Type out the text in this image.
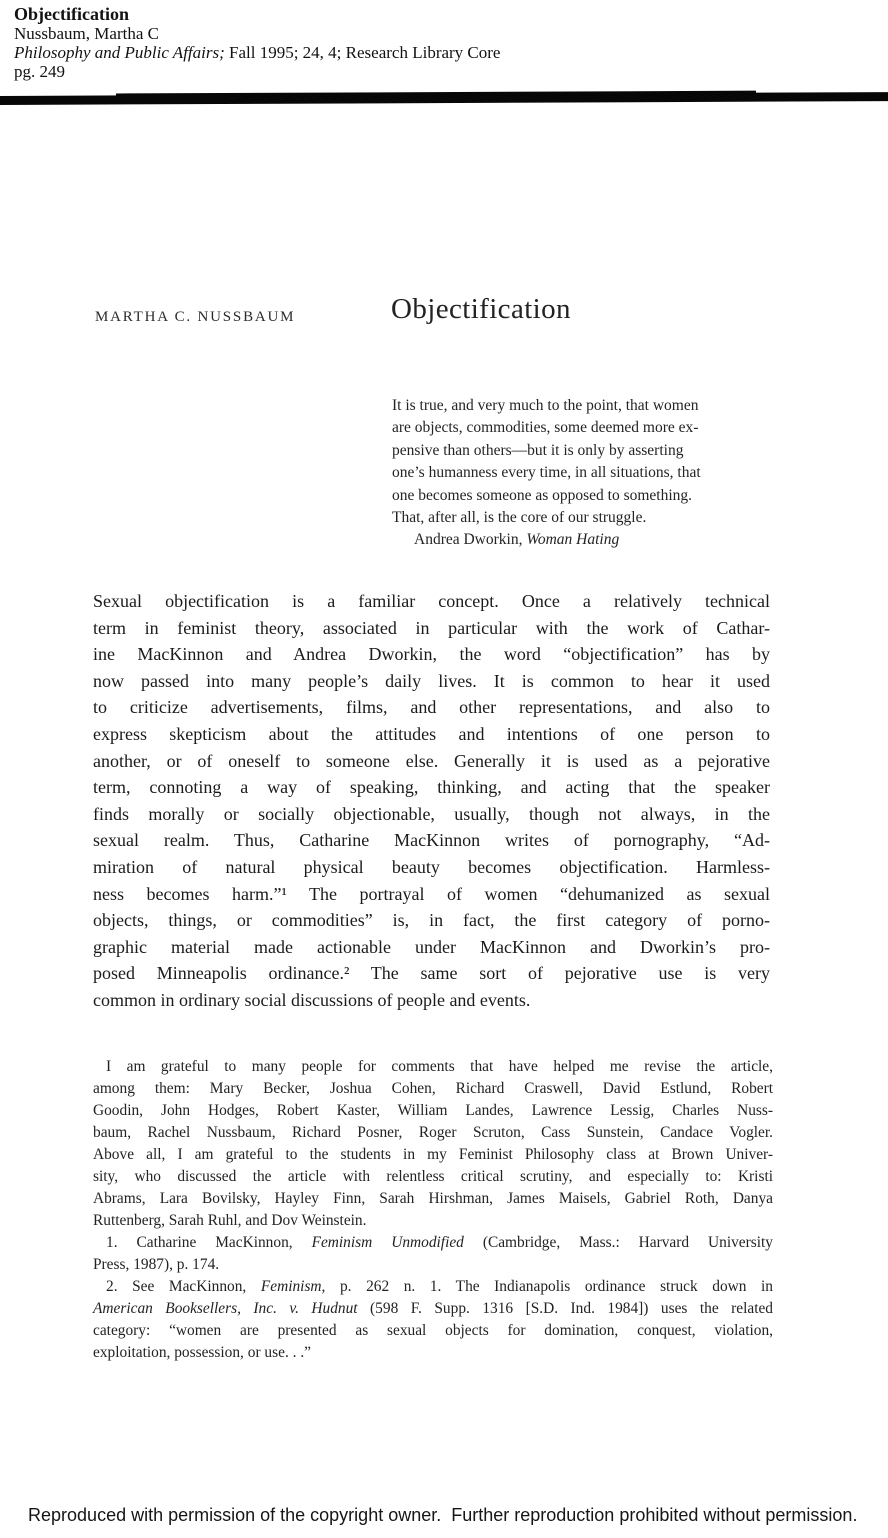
Objectification
Nussbaum, Martha C
Philosophy and Public Affairs; Fall 1995; 24, 4; Research Library Core
pg. 249
MARTHA C. NUSSBAUM	Objectification
It is true, and very much to the point, that women
are objects, commodities, some deemed more ex-
pensive than others—but it is only by asserting
one’s humanness every time, in all situations, that
one becomes someone as opposed to something.
That, after all, is the core of our struggle.
Andrea Dworkin, Woman Hating
Sexual objectification is a familiar concept. Once a relatively technical
term in feminist theory, associated in particular with the work of Cathar-
ine MacKinnon and Andrea Dworkin, the word “objectification” has by
now passed into many people’s daily lives. It is common to hear it used
to criticize advertisements, films, and other representations, and also to
express skepticism about the attitudes and intentions of one person to
another, or of oneself to someone else. Generally it is used as a pejorative
term, connoting a way of speaking, thinking, and acting that the speaker
finds morally or socially objectionable, usually, though not always, in the
sexual realm. Thus, Catharine MacKinnon writes of pornography, “Ad-
miration of natural physical beauty becomes objectification. Harmless-
ness becomes harm.”¹ The portrayal of women “dehumanized as sexual
objects, things, or commodities” is, in fact, the first category of porno-
graphic material made actionable under MacKinnon and Dworkin’s pro-
posed Minneapolis ordinance.² The same sort of pejorative use is very
common in ordinary social discussions of people and events.
I am grateful to many people for comments that have helped me revise the article,
among them: Mary Becker, Joshua Cohen, Richard Craswell, David Estlund, Robert
Goodin, John Hodges, Robert Kaster, William Landes, Lawrence Lessig, Charles Nuss-
baum, Rachel Nussbaum, Richard Posner, Roger Scruton, Cass Sunstein, Candace Vogler.
Above all, I am grateful to the students in my Feminist Philosophy class at Brown Univer-
sity, who discussed the article with relentless critical scrutiny, and especially to: Kristi
Abrams, Lara Bovilsky, Hayley Finn, Sarah Hirshman, James Maisels, Gabriel Roth, Danya
Ruttenberg, Sarah Ruhl, and Dov Weinstein.
1. Catharine MacKinnon, Feminism Unmodified (Cambridge, Mass.: Harvard University
Press, 1987), p. 174.
2. See MacKinnon, Feminism, p. 262 n. 1. The Indianapolis ordinance struck down in
American Booksellers, Inc. v. Hudnut (598 F. Supp. 1316 [S.D. Ind. 1984]) uses the related
category: “women are presented as sexual objects for domination, conquest, violation,
exploitation, possession, or use. . .”

Reproduced with permission of the copyright owner.  Further reproduction prohibited without permission.
